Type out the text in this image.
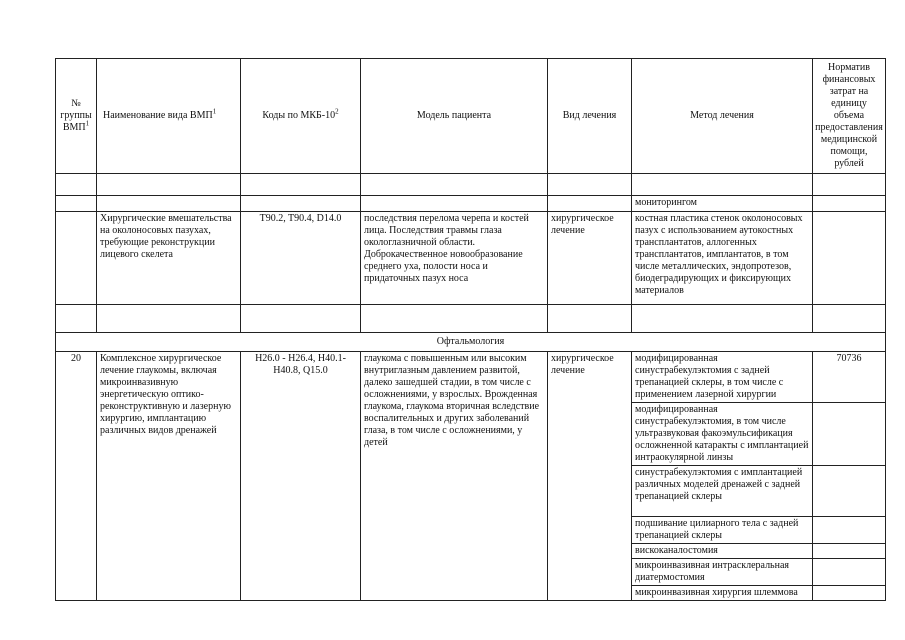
№ группы ВМП$^1$	Наименование вида ВМП$^1$	Коды по МКБ-$10^2$	Модель пациента	Вид лечения	Метод лечения	Норматив финансовых затрат на единицу объема предоставления медицинской помощи, рублей

					мониторингом	
	Хирургические вмешательства на околоносовых пазухах, требующие реконструкции лицевого скелета	T90.2, T90.4, D14.0	последствия перелома черепа и костей лица. Последствия травмы глаза окологлазничной области. Доброкачественное новообразование среднего уха, полости носа и придаточных пазух носа	хирургическое лечение	костная пластика стенок околоносовых пазух с использованием аутокостных трансплантатов, аллогенных трансплантатов, имплантатов, в том числе металлических, эндопротезов, биодеградирующих и фиксирующих материалов	

Офтальмология						
20	Комплексное хирургическое лечение глаукомы, включая микроинвазивную энергетическую оптико-реконструктивную и лазерную хирургию, имплантацию различных видов дренажей	H26.0 - H26.4, H40.1- H40.8, Q15.0	глаукома с повышенным или высоким внутриглазным давлением развитой, далеко зашедшей стадии, в том числе с осложнениями, у взрослых. Врожденная глаукома, глаукома вторичная вследствие воспалительных и других заболеваний глаза, в том числе с осложнениями, у детей	хирургическое лечение	модифицированная синустрабекулэктомия с задней трепанацией склеры, в том числе с применением лазерной хирургии	70736
					модифицированная синустрабекулэктомия, в том числе ультразвуковая факоэмульсификация осложненной катаракты с имплантацией интраокулярной линзы	
					синустрабекулэктомия с имплантацией различных моделей дренажей с задней трепанацией склеры	
					подшивание цилиарного тела с задней трепанацией склеры	
					вискоканалостомия	
					микроинвазивная интрасклеральная диатермостомия	
					микроинвазивная хирургия шлеммова	
